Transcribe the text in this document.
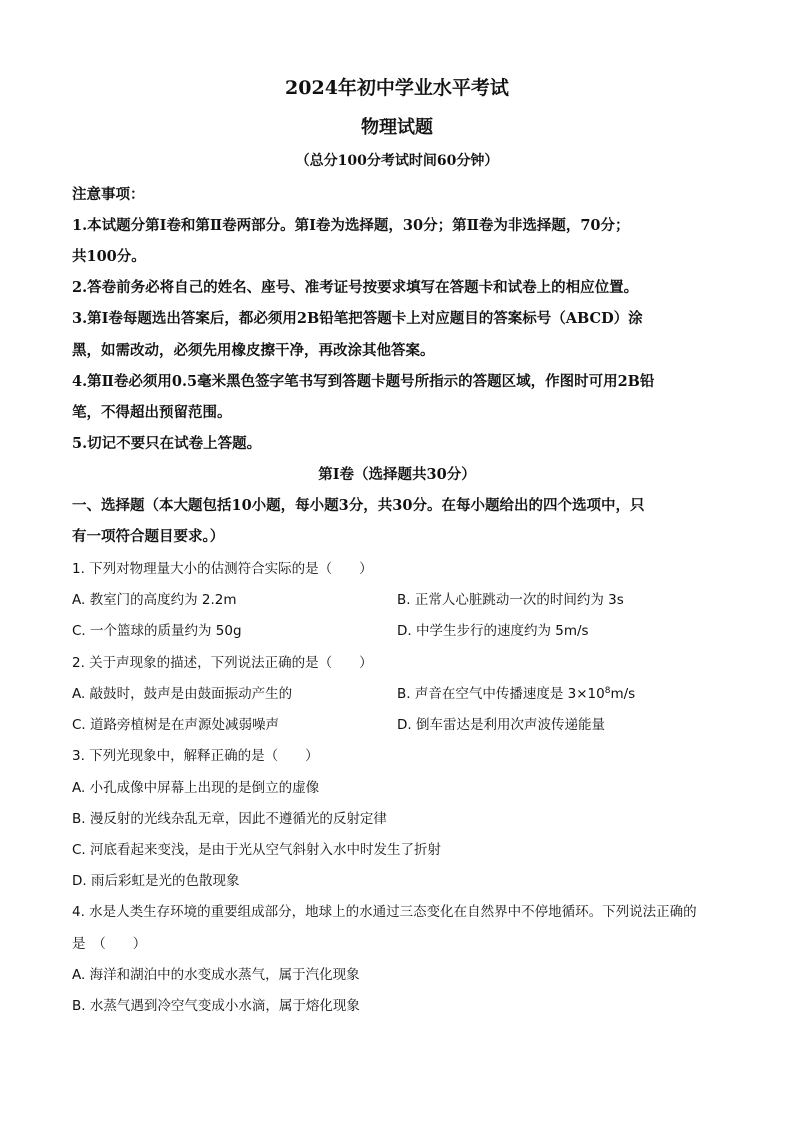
2024年初中学业水平考试
物理试题
（总分100分考试时间60分钟）
注意事项：
1.本试题分第Ⅰ卷和第Ⅱ卷两部分。第Ⅰ卷为选择题，30分；第Ⅱ卷为非选择题，70分；
共100分。
2.答卷前务必将自己的姓名、座号、准考证号按要求填写在答题卡和试卷上的相应位置。
3.第Ⅰ卷每题选出答案后，都必须用2B铅笔把答题卡上对应题目的答案标号（ABCD）涂
黑，如需改动，必须先用橡皮擦干净，再改涂其他答案。
4.第Ⅱ卷必须用0.5毫米黑色签字笔书写到答题卡题号所指示的答题区域，作图时可用2B铅
笔，不得超出预留范围。
5.切记不要只在试卷上答题。
第Ⅰ卷（选择题共30分）
一、选择题（本大题包括10小题，每小题3分，共30分。在每小题给出的四个选项中，只
有一项符合题目要求。）
1. 下列对物理量大小的估测符合实际的是（　　）
A. 教室门的高度约为 2.2m	B. 正常人心脏跳动一次的时间约为 3s
C. 一个篮球的质量约为 50g	D. 中学生步行的速度约为 5m/s
2. 关于声现象的描述，下列说法正确的是（　　）
A. 敲鼓时，鼓声是由鼓面振动产生的	B. 声音在空气中传播速度是 $3\times 10^8m/s$
C. 道路旁植树是在声源处减弱噪声	D. 倒车雷达是利用次声波传递能量
3. 下列光现象中，解释正确的是（　　）
A. 小孔成像中屏幕上出现的是倒立的虚像
B. 漫反射的光线杂乱无章，因此不遵循光的反射定律
C. 河底看起来变浅，是由于光从空气斜射入水中时发生了折射
D. 雨后彩虹是光的色散现象
4. 水是人类生存环境的重要组成部分，地球上的水通过三态变化在自然界中不停地循环。下列说法正确的
是　（　　）
A. 海洋和湖泊中的水变成水蒸气，属于汽化现象
B. 水蒸气遇到冷空气变成小水滴，属于熔化现象
